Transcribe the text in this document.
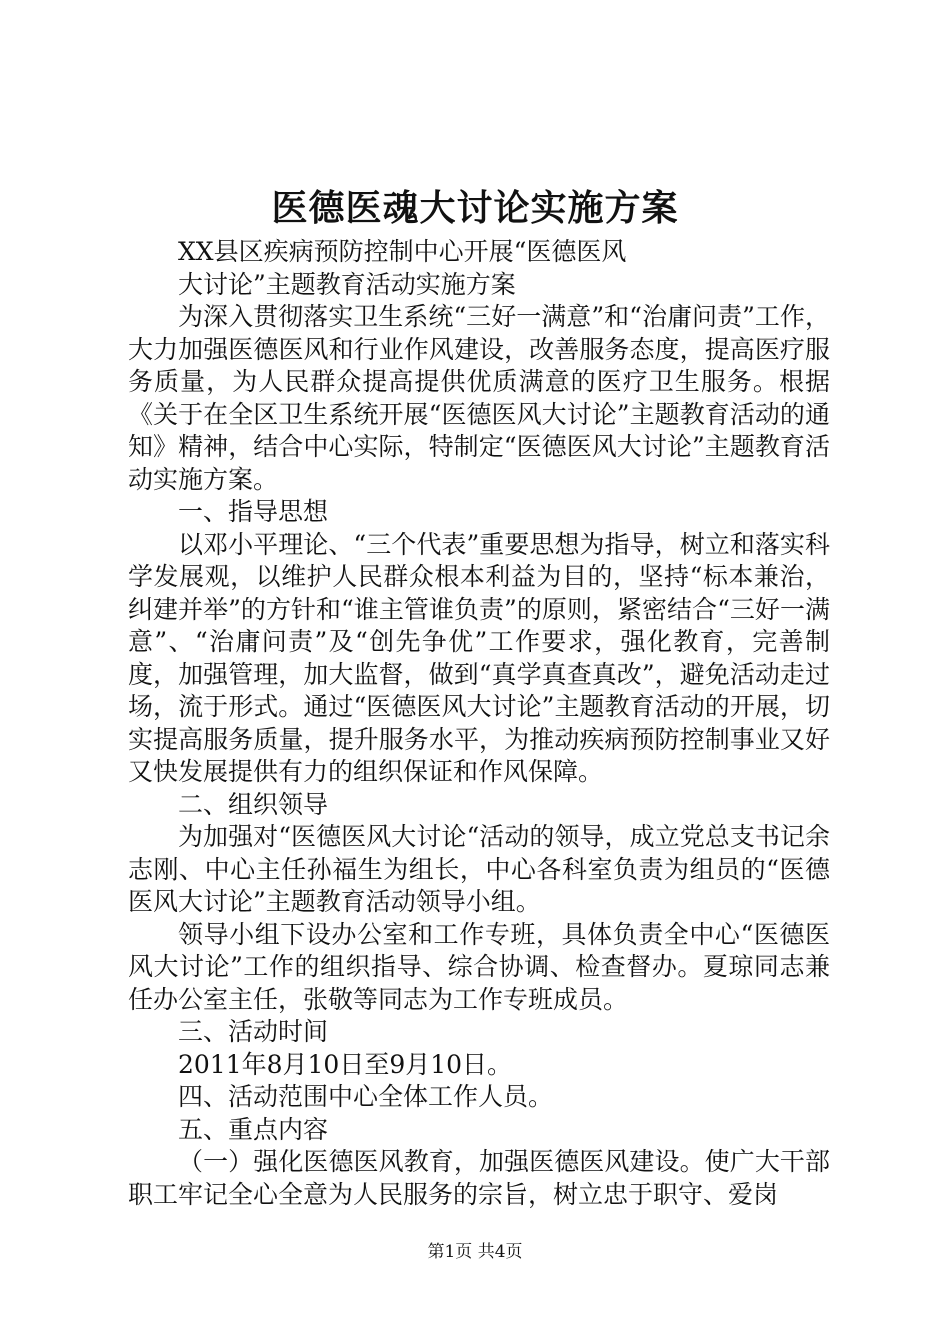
医德医魂大讨论实施方案

XX县区疾病预防控制中心开展“医德医风

大讨论”主题教育活动实施方案

为深入贯彻落实卫生系统“三好一满意”和“治庸问责”工作，大力加强医德医风和行业作风建设，改善服务态度，提高医疗服务质量，为人民群众提高提供优质满意的医疗卫生服务。根据《关于在全区卫生系统开展“医德医风大讨论”主题教育活动的通知》精神，结合中心实际，特制定“医德医风大讨论”主题教育活动实施方案。

一、指导思想

以邓小平理论、“三个代表”重要思想为指导，树立和落实科学发展观，以维护人民群众根本利益为目的，坚持“标本兼治，纠建并举”的方针和“谁主管谁负责”的原则，紧密结合“三好一满意”、“治庸问责”及“创先争优”工作要求，强化教育，完善制度，加强管理，加大监督，做到“真学真查真改”，避免活动走过场，流于形式。通过“医德医风大讨论”主题教育活动的开展，切实提高服务质量，提升服务水平，为推动疾病预防控制事业又好又快发展提供有力的组织保证和作风保障。

二、组织领导

为加强对“医德医风大讨论“活动的领导，成立党总支书记余志刚、中心主任孙福生为组长，中心各科室负责为组员的“医德医风大讨论”主题教育活动领导小组。

领导小组下设办公室和工作专班，具体负责全中心“医德医风大讨论”工作的组织指导、综合协调、检查督办。夏琼同志兼任办公室主任，张敬等同志为工作专班成员。

三、活动时间

2011年8月10日至9月10日。

四、活动范围中心全体工作人员。

五、重点内容

（一）强化医德医风教育，加强医德医风建设。使广大干部职工牢记全心全意为人民服务的宗旨，树立忠于职守、爱岗

第1页 共4页
